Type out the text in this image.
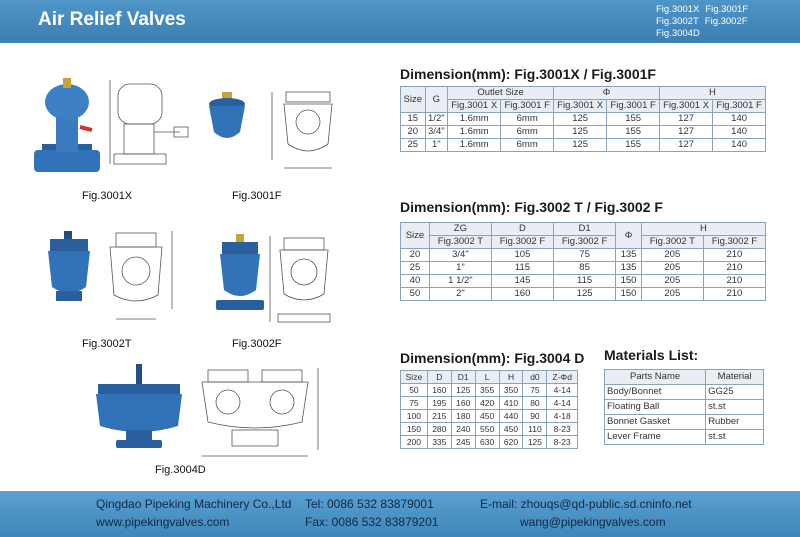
Air Relief Valves	Fig.3001X Fig.3001F
Fig.3002T Fig.3002F
Fig.3004D
Fig.3001X	Fig.3001F
Fig.3002T	Fig.3002F
Fig.3004D
Dimension(mm): Fig.3001X / Fig.3001F
Size	G	Outlet Size		Φ		H	
		Fig.3001 X	Fig.3001 F	Fig.3001 X	Fig.3001 F	Fig.3001 X	Fig.3001 F
15	1/2"	1.6mm	6mm	125	155	127	140
20	3/4"	1.6mm	6mm	125	155	127	140
25	1"	1.6mm	6mm	125	155	127	140
Dimension(mm): Fig.3002 T / Fig.3002 F
Size	ZG	D	D1	Φ	H	
	Fig.3002 T	Fig.3002 F	Fig.3002 F		Fig.3002 T	Fig.3002 F
20	3/4"	105	75	135	205	210
25	1"	115	85	135	205	210
40	1 1/2"	145	115	150	205	210
50	2"	160	125	150	205	210
Dimension(mm): Fig.3004 D
Size	D	D1	L	H	d0	Z-Φd
50	160	125	355	350	75	4-14
75	195	160	420	410	80	4-14
100	215	180	450	440	90	4-18
150	280	240	550	450	110	8-23
200	335	245	630	620	125	8-23
Materials List:
Parts Name	Material
Body/Bonnet	GG25
Floating Ball	st.st
Bonnet Gasket	Rubber
Lever Frame	st.st
Qingdao Pipeking Machinery Co.,Ltd
www.pipekingvalves.com
Tel: 0086 532 83879001
Fax: 0086 532 83879201
E-mail: zhouqs@qd-public.sd.cninfo.net
wang@pipekingvalves.com
